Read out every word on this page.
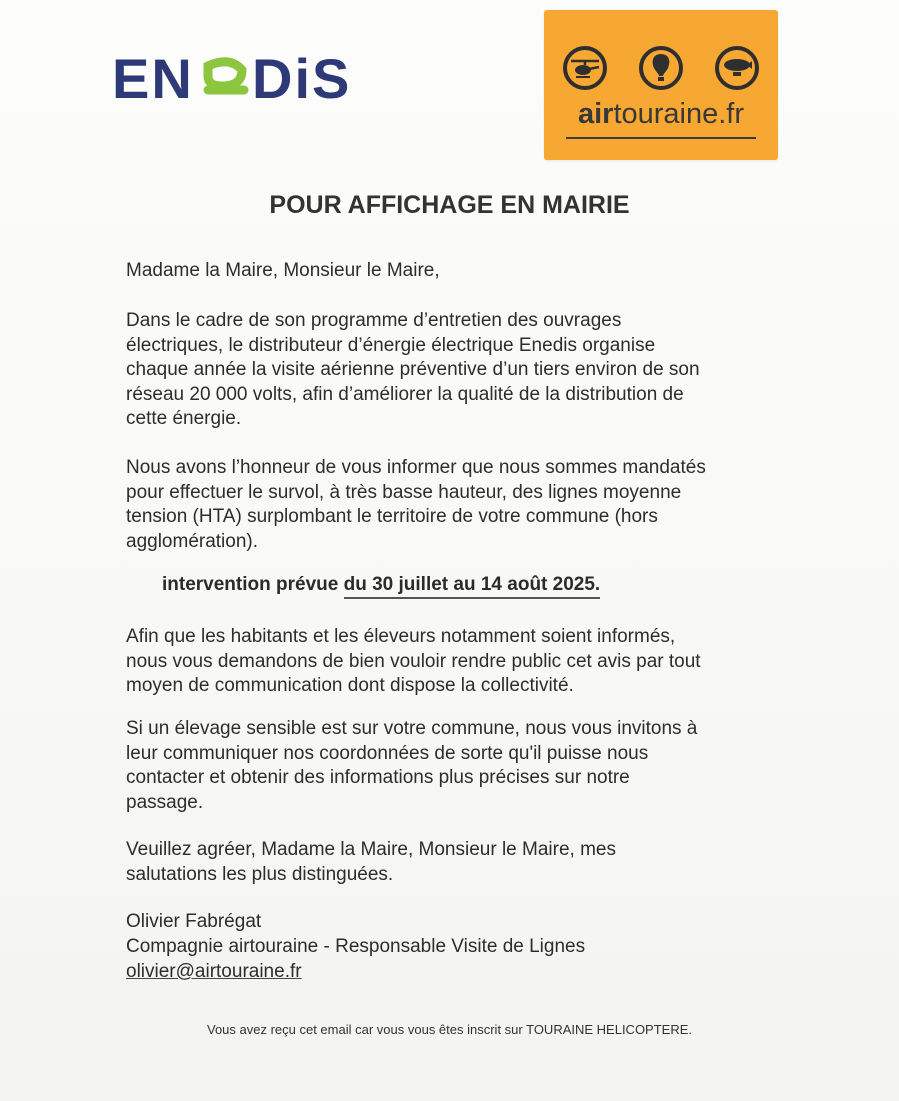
EN DiS
airtouraine.fr
POUR AFFICHAGE EN MAIRIE
Madame la Maire, Monsieur le Maire,
Dans le cadre de son programme d’entretien des ouvrages
électriques, le distributeur d’énergie électrique Enedis organise
chaque année la visite aérienne préventive d’un tiers environ de son
réseau 20 000 volts, afin d’améliorer la qualité de la distribution de
cette énergie.
Nous avons l’honneur de vous informer que nous sommes mandatés
pour effectuer le survol, à très basse hauteur, des lignes moyenne
tension (HTA) surplombant le territoire de votre commune (hors
agglomération).
intervention prévue du 30 juillet au 14 août 2025.
Afin que les habitants et les éleveurs notamment soient informés,
nous vous demandons de bien vouloir rendre public cet avis par tout
moyen de communication dont dispose la collectivité.
Si un élevage sensible est sur votre commune, nous vous invitons à
leur communiquer nos coordonnées de sorte qu'il puisse nous
contacter et obtenir des informations plus précises sur notre
passage.
Veuillez agréer, Madame la Maire, Monsieur le Maire, mes
salutations les plus distinguées.
Olivier Fabrégat
Compagnie airtouraine - Responsable Visite de Lignes
olivier@airtouraine.fr
Vous avez reçu cet email car vous vous êtes inscrit sur TOURAINE HELICOPTERE.
